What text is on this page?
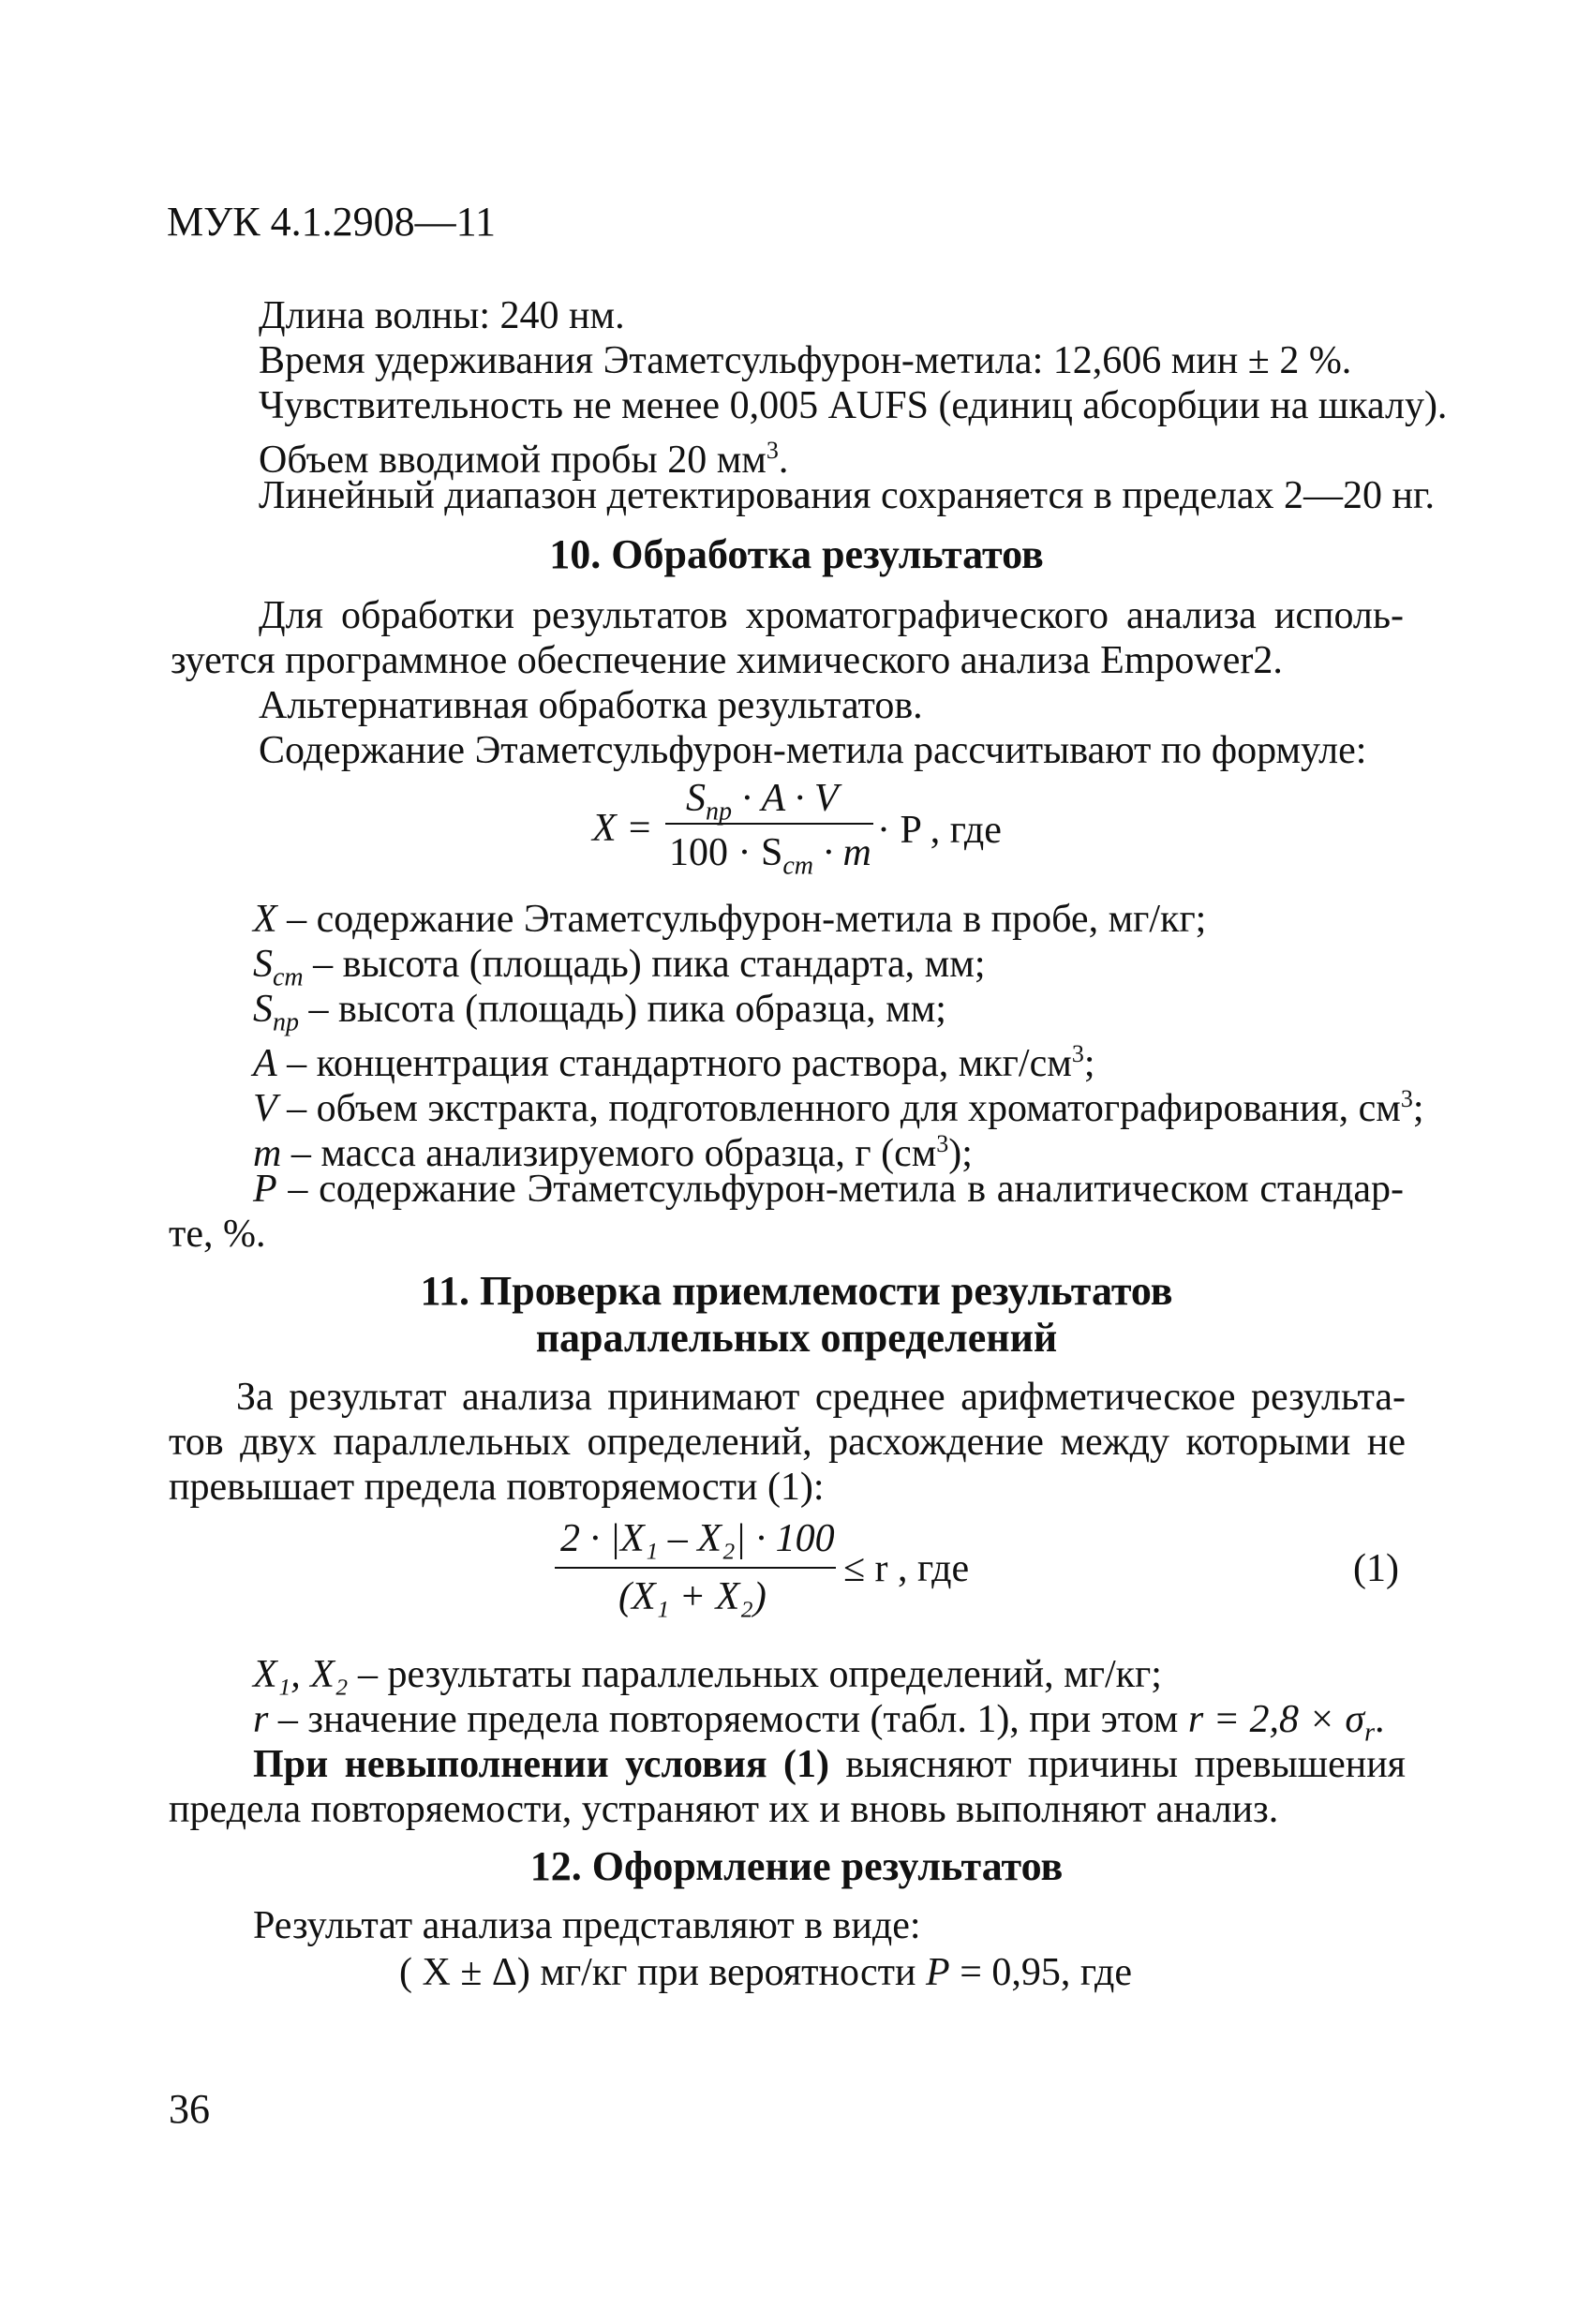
МУК 4.1.2908—11
Длина волны: 240 нм.
Время удерживания Этаметсульфурон-метила: 12,606 мин ± 2 %.
Чувствительность не менее 0,005 AUFS (единиц абсорбции на шкалу).
Объем вводимой пробы 20 $мм^3$.
Линейный диапазон детектирования сохраняется в пределах 2—20 нг.
10. Обработка результатов
Для обработки результатов хроматографического анализа исполь-
зуется программное обеспечение химического анализа Empower2.
Альтернативная обработка результатов.
Содержание Этаметсульфурон-метила рассчитывают по формуле:
X =
$S_{пр} \cdot A \cdot V$
$100 \cdot S_{ст} \cdot m$
· P , где
X – содержание Этаметсульфурон-метила в пробе, мг/кг;
$S_{ст}$ – высота (площадь) пика стандарта, мм;
$S_{пр}$ – высота (площадь) пика образца, мм;
A – концентрация стандартного раствора, мкг/$см^3$;
V – объем экстракта, подготовленного для хроматографирования, $см^3$;
m – масса анализируемого образца, г $(см^3)$;
P – содержание Этаметсульфурон-метила в аналитическом стандар-
те, %.
11. Проверка приемлемости результатов
параллельных определений
За результат анализа принимают среднее арифметическое результа-
тов двух параллельных определений, расхождение между которыми не
превышает предела повторяемости (1):
2 · |X₁ – X₂| · 100
(X₁ + X₂)
≤ r , где	(1)
X₁, X₂ – результаты параллельных определений, мг/кг;
r – значение предела повторяемости (табл. 1), при этом $r = 2,8 \times \sigma_r$.
При невыполнении условия (1) выясняют причины превышения
предела повторяемости, устраняют их и вновь выполняют анализ.
12. Оформление результатов
Результат анализа представляют в виде:
( X ± Δ) мг/кг при вероятности P = 0,95, где
36
